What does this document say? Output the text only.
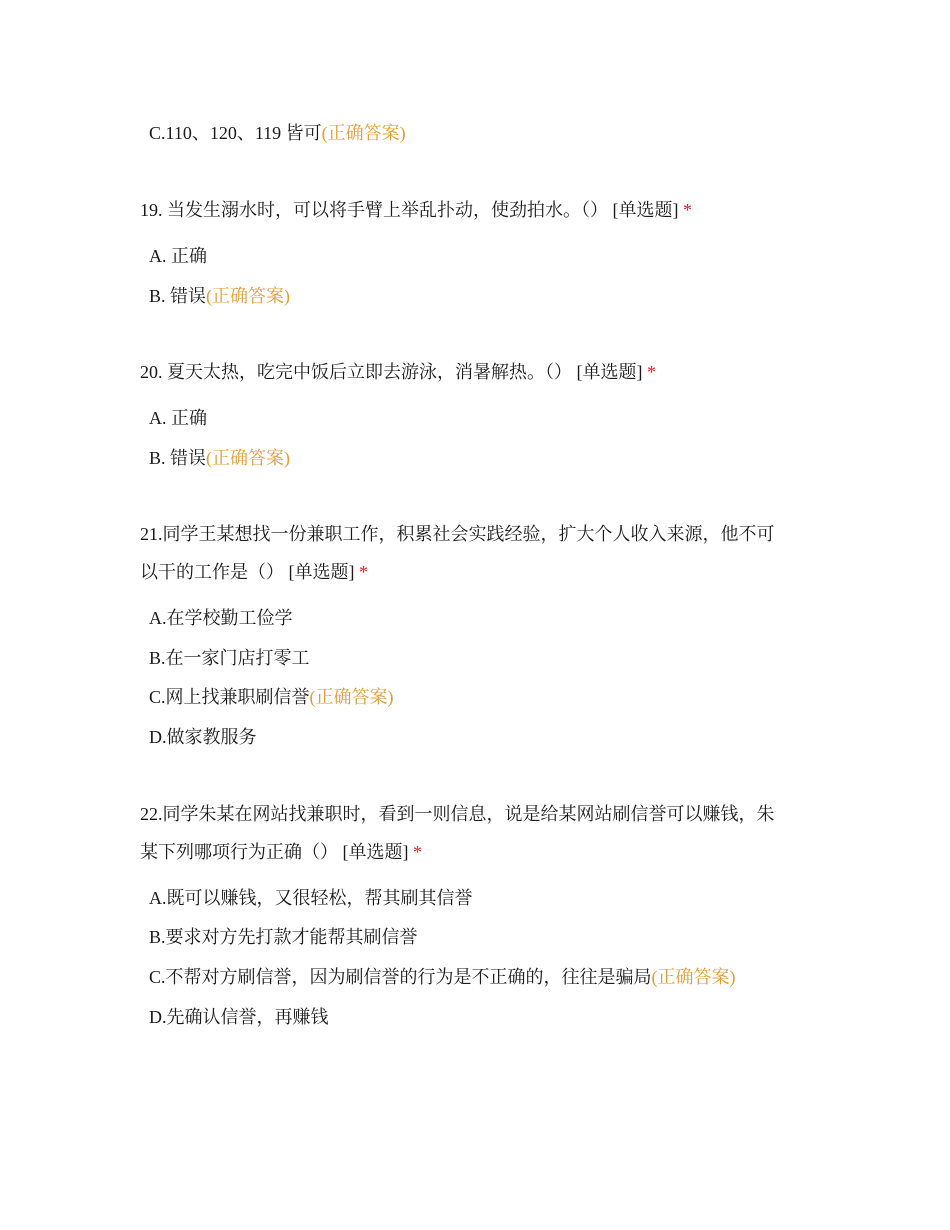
C.110、120、119 皆可(正确答案)
19. 当发生溺水时，可以将手臂上举乱扑动，使劲拍水。（） [单选题] *
A. 正确
B. 错误(正确答案)
20. 夏天太热，吃完中饭后立即去游泳，消暑解热。（） [单选题] *
A. 正确
B. 错误(正确答案)
21.同学王某想找一份兼职工作，积累社会实践经验，扩大个人收入来源，他不可
以干的工作是（） [单选题] *
A.在学校勤工俭学
B.在一家门店打零工
C.网上找兼职刷信誉(正确答案)
D.做家教服务
22.同学朱某在网站找兼职时，看到一则信息，说是给某网站刷信誉可以赚钱，朱
某下列哪项行为正确（） [单选题] *
A.既可以赚钱，又很轻松，帮其刷其信誉
B.要求对方先打款才能帮其刷信誉
C.不帮对方刷信誉，因为刷信誉的行为是不正确的，往往是骗局(正确答案)
D.先确认信誉，再赚钱
